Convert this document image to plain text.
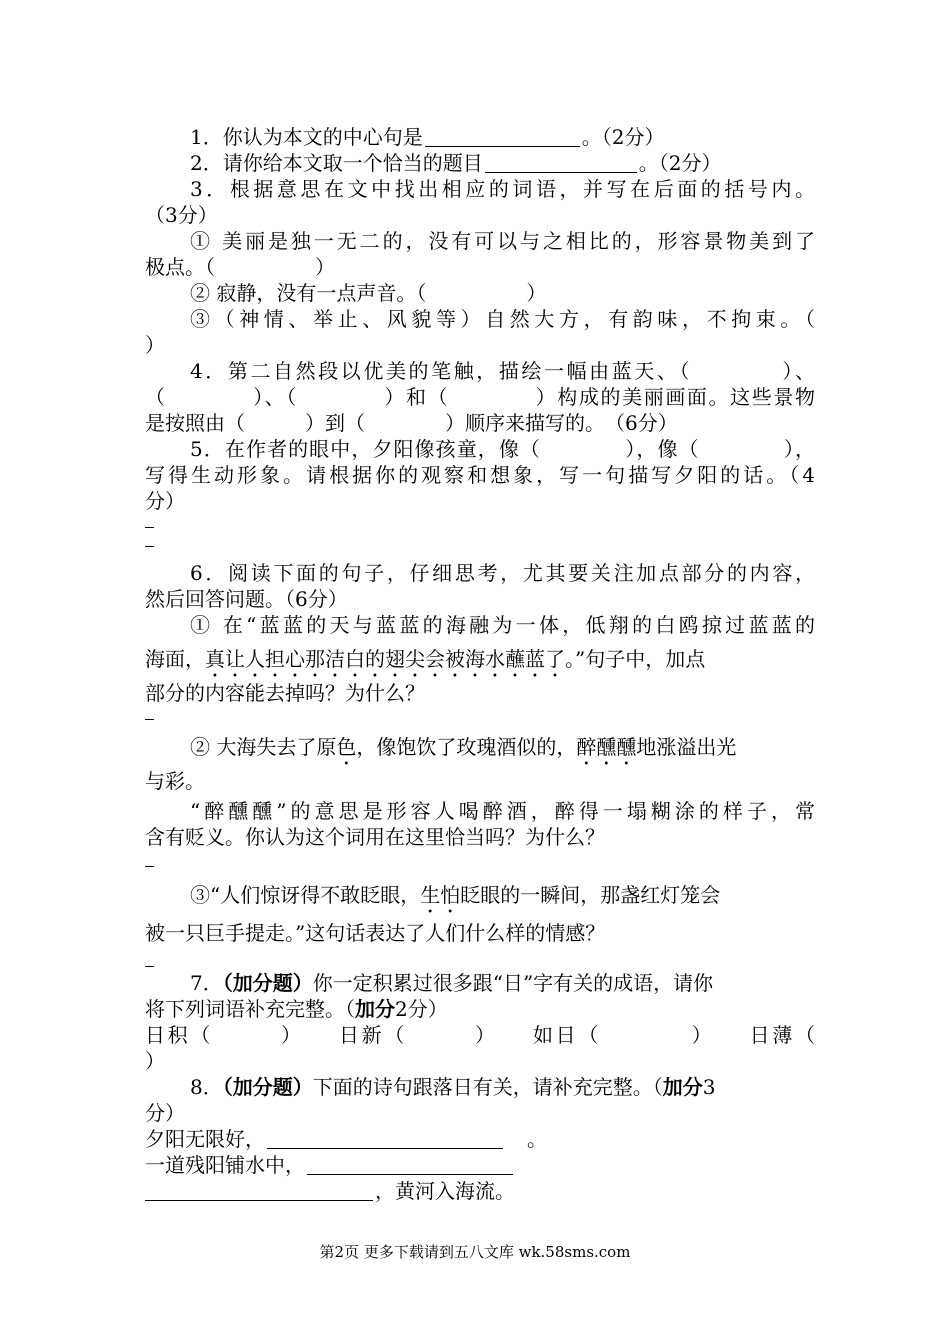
1．你认为本文的中心句是	。（2分）
2．请你给本文取一个恰当的题目	。（2分）
3．根据意思在文中找出相应的词语，并写在后面的括号内。
（3分）
① 美丽是独一无二的，没有可以与之相比的，形容景物美到了
极点。（　　　　　）
② 寂静，没有一点声音。（　　　　　）
③（神情、举止、风貌等）自然大方，有韵味，不拘束。（
）
4．第二自然段以优美的笔触，描绘一幅由蓝天、（　　　　）、
（　　　　）、（　　　　）和（　　　　）构成的美丽画面。这些景物
是按照由（　　　）到（　　　　）顺序来描写的。　（6分）
5．在作者的眼中，夕阳像孩童，像（　　　　），像（　　　　），
写得生动形象。请根据你的观察和想象，写一句描写夕阳的话。（4
分）
6．阅读下面的句子，仔细思考，尤其要关注加点部分的内容，
然后回答问题。（6分）
① 在“蓝蓝的天与蓝蓝的海融为一体，低翔的白鸥掠过蓝蓝的
海面，真让人担心那洁白的翅尖会被海水蘸蓝了。”句子中，加点
部分的内容能去掉吗？为什么？
② 大海失去了原色，像饱饮了玫瑰酒似的，醉醺醺地涨溢出光
与彩。
“醉醺醺”的意思是形容人喝醉酒，醉得一塌糊涂的样子，常
含有贬义。你认为这个词用在这里恰当吗？为什么？
③“人们惊讶得不敢眨眼，生怕眨眼的一瞬间，那盏红灯笼会
被一只巨手提走。”这句话表达了人们什么样的情感？
7．（加分题）你一定积累过很多跟“日”字有关的成语，请你
将下列词语补充完整。（加分2分）
日积（　　　）　　日新（　　　）　　如日（　　　　）　　日薄（
）
8．（加分题）下面的诗句跟落日有关，请补充完整。（加分3
分）
夕阳无限好，	。
一道残阳铺水中，
，黄河入海流。
第2页 更多下载请到五八文库 wk.58sms.com
